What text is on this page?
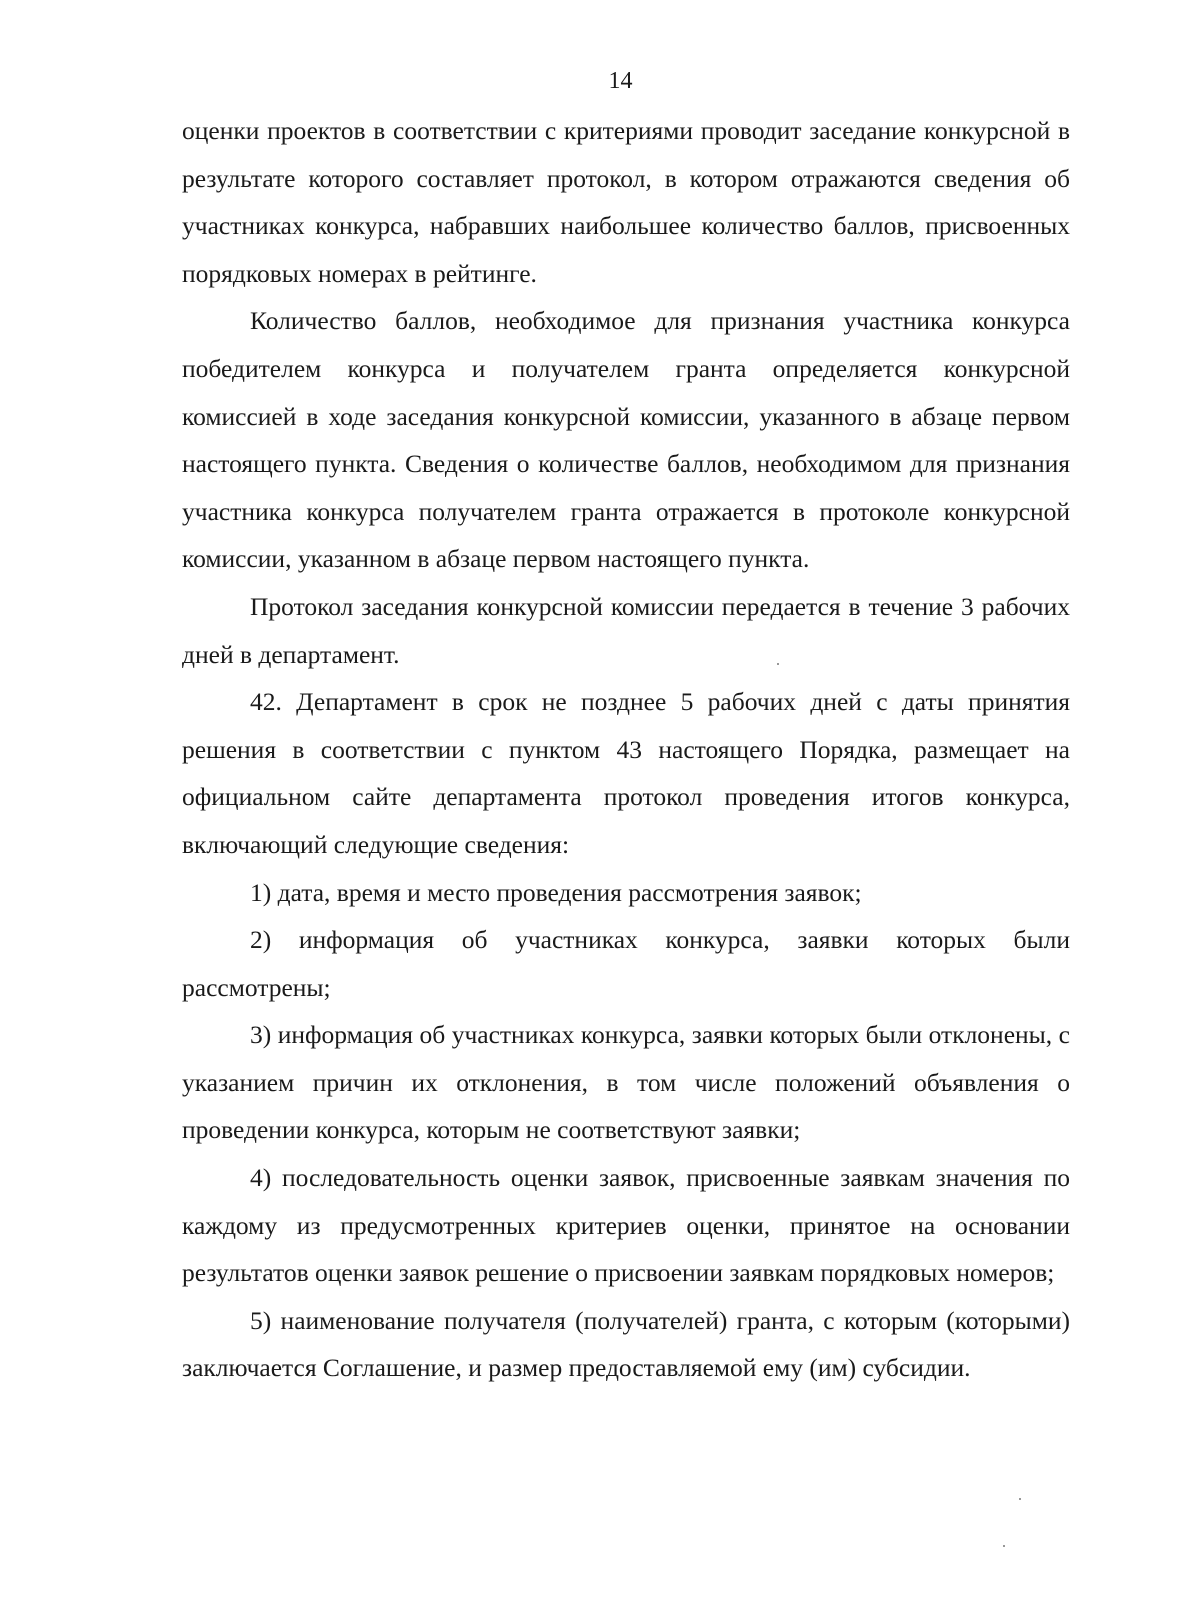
14

оценки проектов в соответствии с критериями проводит заседание конкурсной в результате которого составляет протокол, в котором отражаются сведения об участниках конкурса, набравших наибольшее количество баллов, присвоенных порядковых номерах в рейтинге.

Количество баллов, необходимое для признания участника конкурса победителем конкурса и получателем гранта определяется конкурсной комиссией в ходе заседания конкурсной комиссии, указанного в абзаце первом настоящего пункта. Сведения о количестве баллов, необходимом для признания участника конкурса получателем гранта отражается в протоколе конкурсной комиссии, указанном в абзаце первом настоящего пункта.

Протокол заседания конкурсной комиссии передается в течение 3 рабочих дней в департамент.

42. Департамент в срок не позднее 5 рабочих дней с даты принятия решения в соответствии с пунктом 43 настоящего Порядка, размещает на официальном сайте департамента протокол проведения итогов конкурса, включающий следующие сведения:

1) дата, время и место проведения рассмотрения заявок;

2) информация об участниках конкурса, заявки которых были рассмотрены;

3) информация об участниках конкурса, заявки которых были отклонены, с указанием причин их отклонения, в том числе положений объявления о проведении конкурса, которым не соответствуют заявки;

4) последовательность оценки заявок, присвоенные заявкам значения по каждому из предусмотренных критериев оценки, принятое на основании результатов оценки заявок решение о присвоении заявкам порядковых номеров;

5) наименование получателя (получателей) гранта, с которым (которыми) заключается Соглашение, и размер предоставляемой ему (им) субсидии.
